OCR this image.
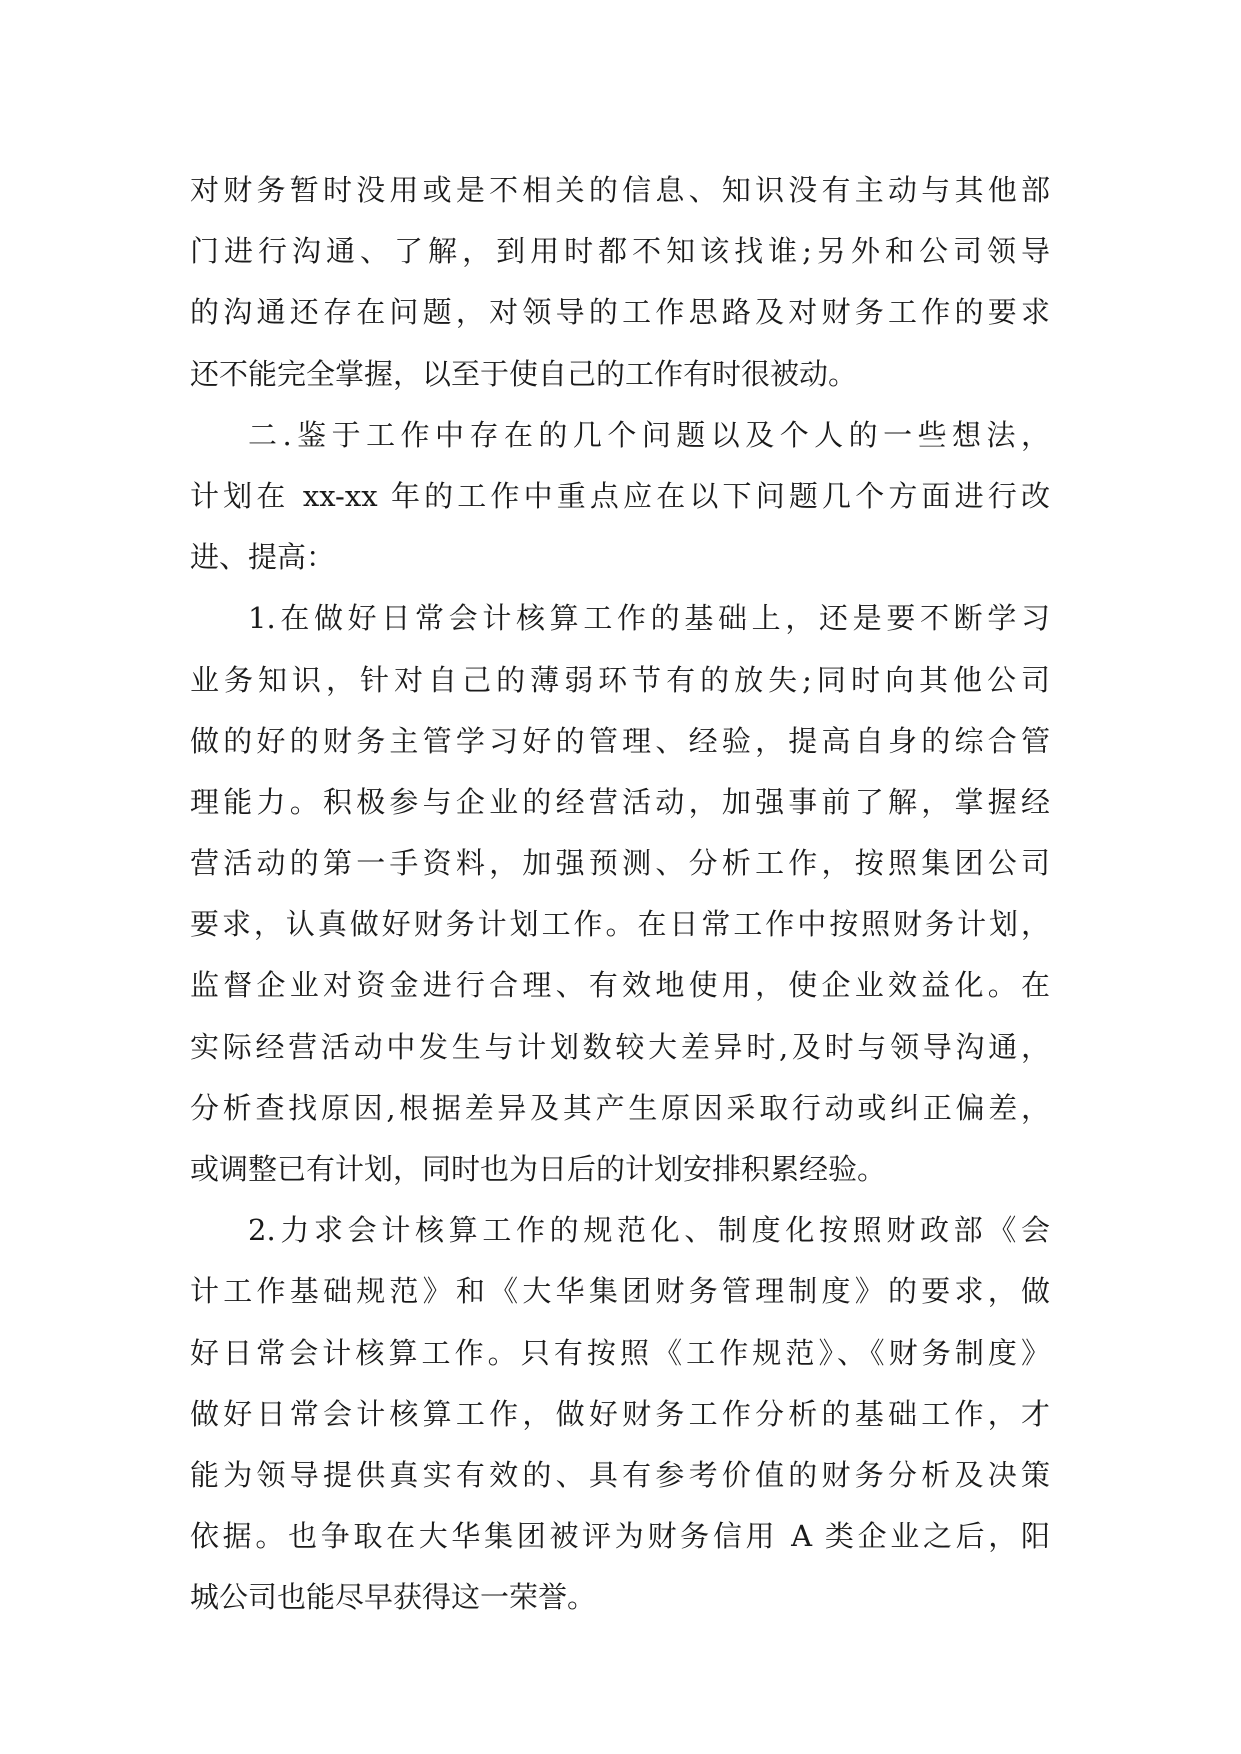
对财务暂时没用或是不相关的信息、知识没有主动与其他部
门进行沟通、了解，到用时都不知该找谁;另外和公司领导
的沟通还存在问题，对领导的工作思路及对财务工作的要求
还不能完全掌握，以至于使自己的工作有时很被动。
二.鉴于工作中存在的几个问题以及个人的一些想法，
计划在 xx-xx 年的工作中重点应在以下问题几个方面进行改
进、提高：
1.在做好日常会计核算工作的基础上，还是要不断学习
业务知识，针对自己的薄弱环节有的放失;同时向其他公司
做的好的财务主管学习好的管理、经验，提高自身的综合管
理能力。积极参与企业的经营活动，加强事前了解，掌握经
营活动的第一手资料，加强预测、分析工作，按照集团公司
要求，认真做好财务计划工作。在日常工作中按照财务计划，
监督企业对资金进行合理、有效地使用，使企业效益化。在
实际经营活动中发生与计划数较大差异时,及时与领导沟通，
分析查找原因,根据差异及其产生原因采取行动或纠正偏差，
或调整已有计划，同时也为日后的计划安排积累经验。
2.力求会计核算工作的规范化、制度化按照财政部《会
计工作基础规范》和《大华集团财务管理制度》的要求，做
好日常会计核算工作。只有按照《工作规范》、《财务制度》
做好日常会计核算工作，做好财务工作分析的基础工作，才
能为领导提供真实有效的、具有参考价值的财务分析及决策
依据。也争取在大华集团被评为财务信用 A 类企业之后，阳
城公司也能尽早获得这一荣誉。
